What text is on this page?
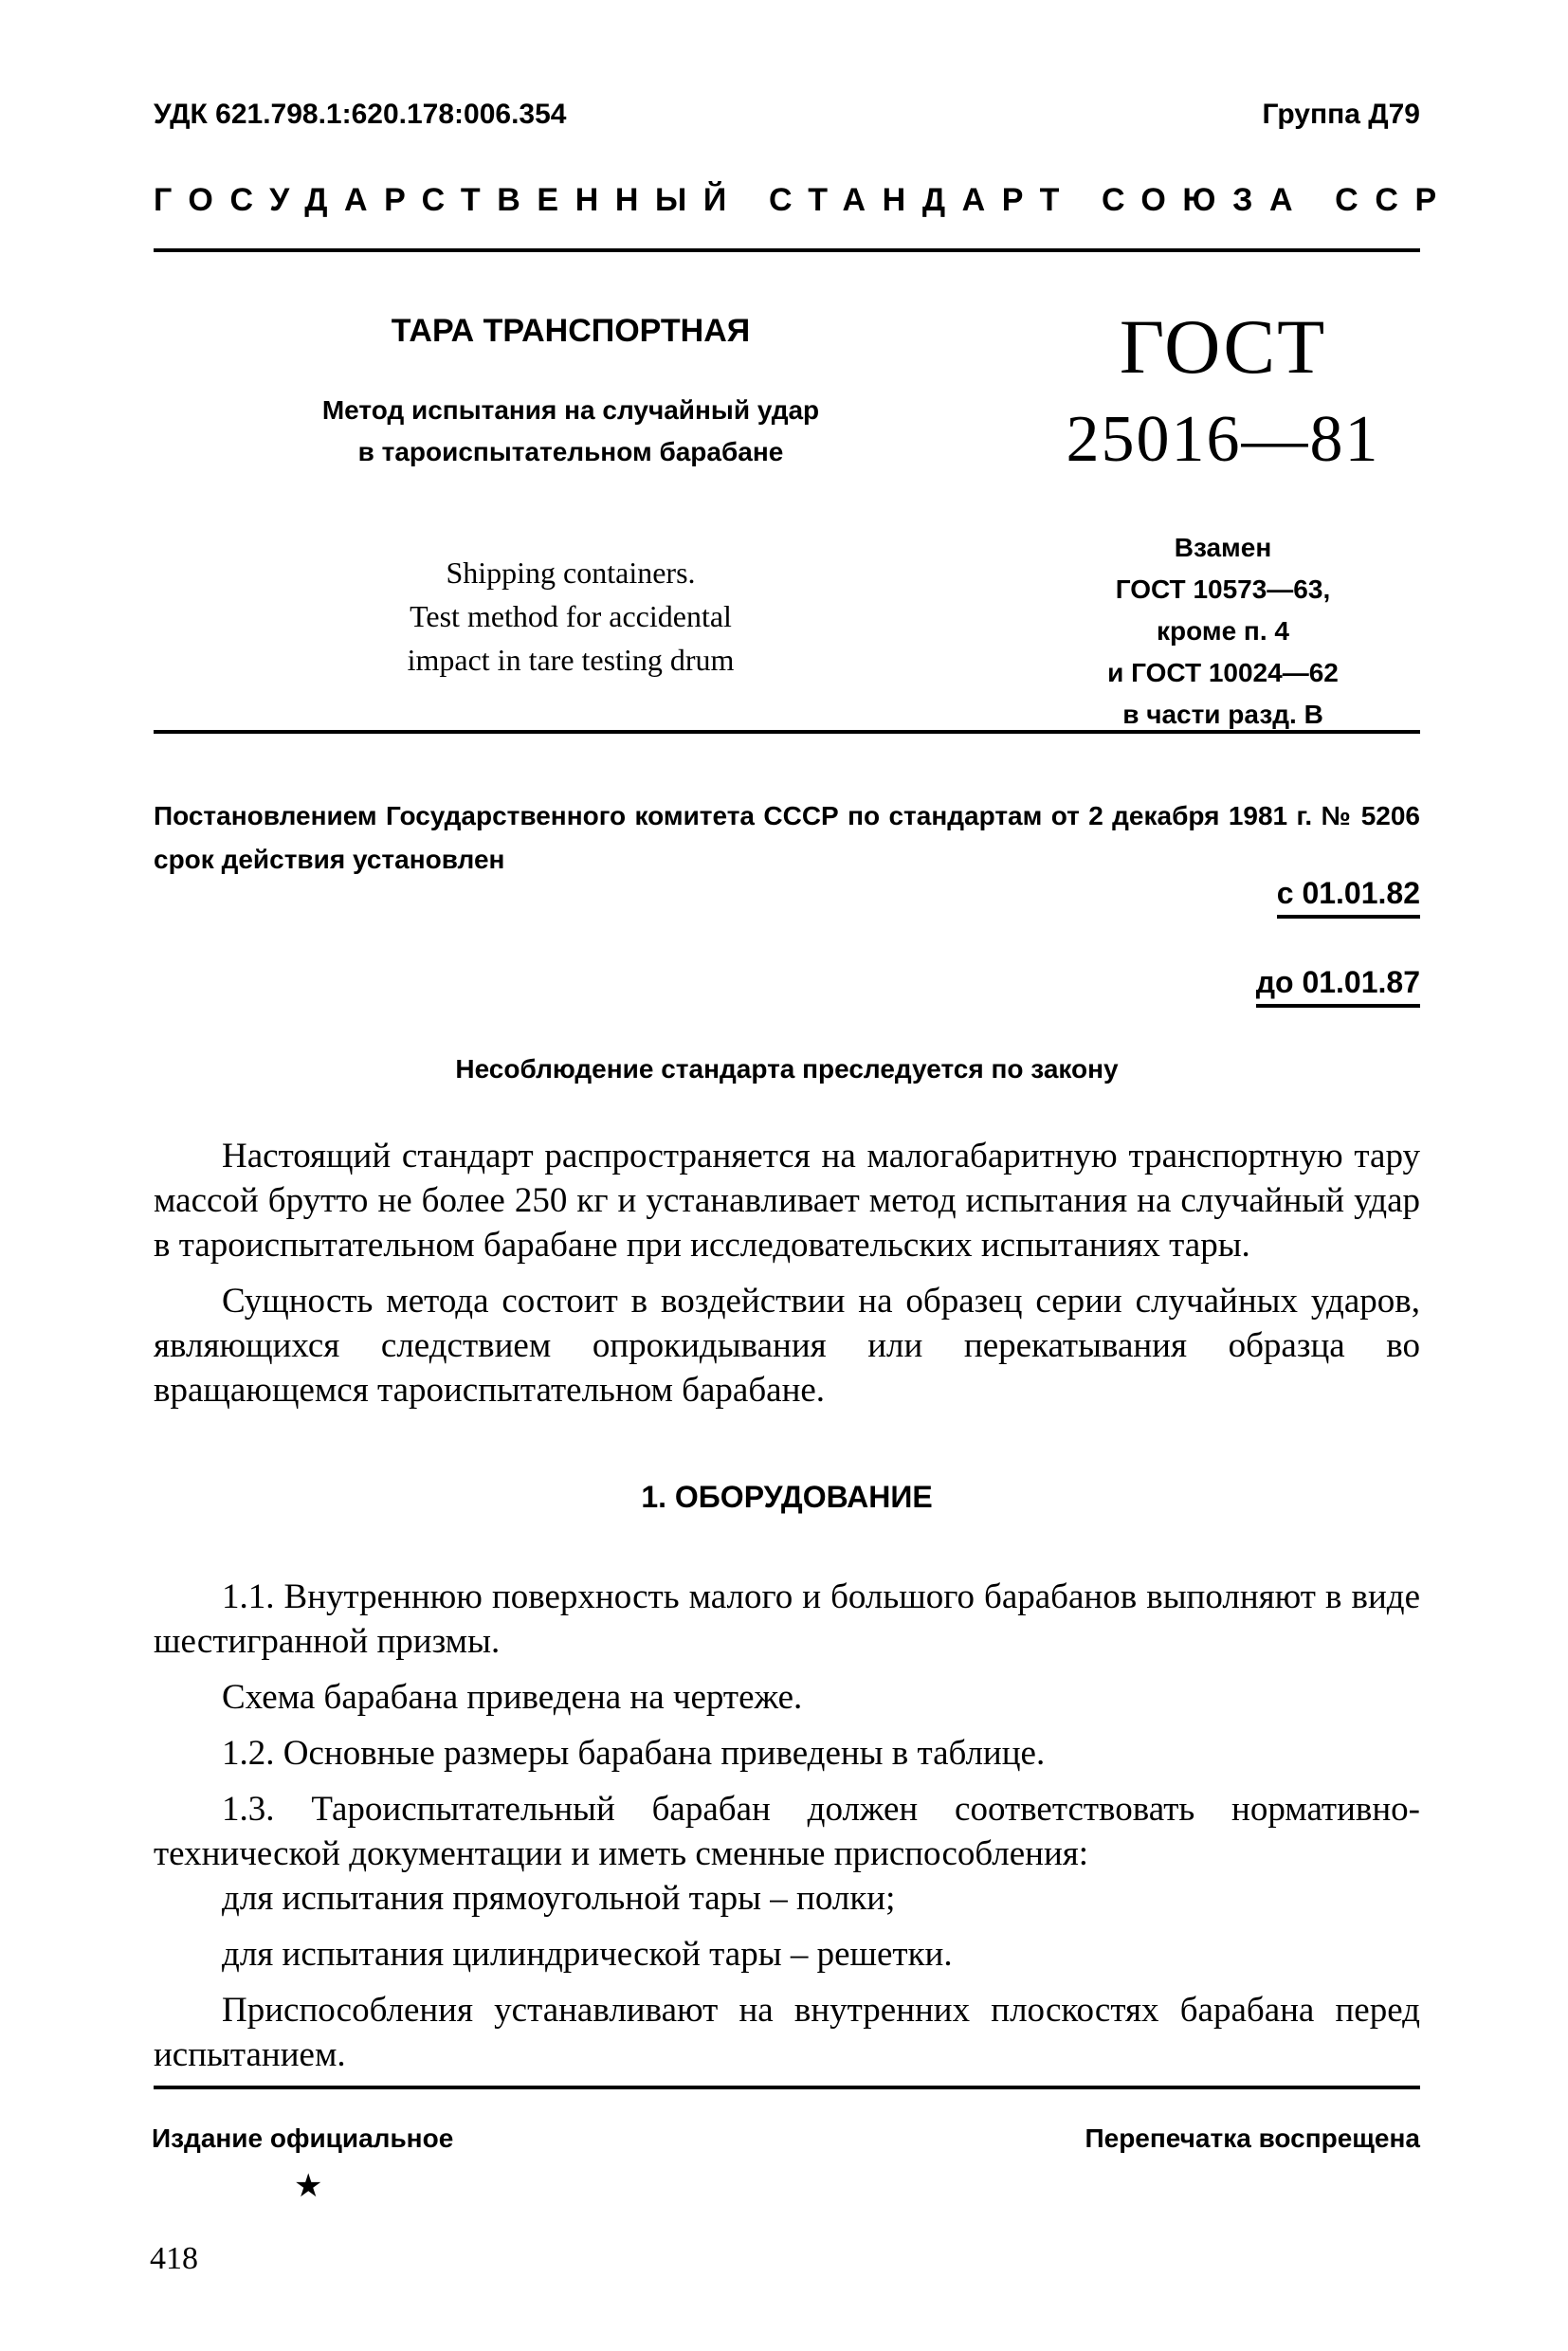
УДК 621.798.1:620.178:006.354	Группа Д79
ГОСУДАРСТВЕННЫЙ СТАНДАРТ СОЮЗА ССР
ТАРА ТРАНСПОРТНАЯ
Метод испытания на случайный удар
в тароиспытательном барабане
Shipping containers.
Test method for accidental
impact in tare testing drum
ГОСТ
25016—81
Взамен
ГОСТ 10573—63,
кроме п. 4
и ГОСТ 10024—62
в части разд. В
Постановлением Государственного комитета СССР по стандартам от 2 декабря 1981 г. № 5206 срок действия установлен
с 01.01.82
до 01.01.87
Несоблюдение стандарта преследуется по закону

Настоящий стандарт распространяется на малогабаритную транспортную тару массой брутто не более 250 кг и устанавливает метод испытания на случайный удар в тароиспытательном барабане при исследовательских испытаниях тары.

Сущность метода состоит в воздействии на образец серии случайных ударов, являющихся следствием опрокидывания или перекатывания образца во вращающемся тароиспытательном барабане.

1. ОБОРУДОВАНИЕ

1.1. Внутреннюю поверхность малого и большого барабанов выполняют в виде шестигранной призмы.

Схема барабана приведена на чертеже.

1.2. Основные размеры барабана приведены в таблице.

1.3. Тароиспытательный барабан должен соответствовать нормативно-технической документации и иметь сменные приспособления:

для испытания прямоугольной тары – полки;

для испытания цилиндрической тары – решетки.

Приспособления устанавливают на внутренних плоскостях барабана перед испытанием.

Издание официальное	Перепечатка воспрещена
★
418
